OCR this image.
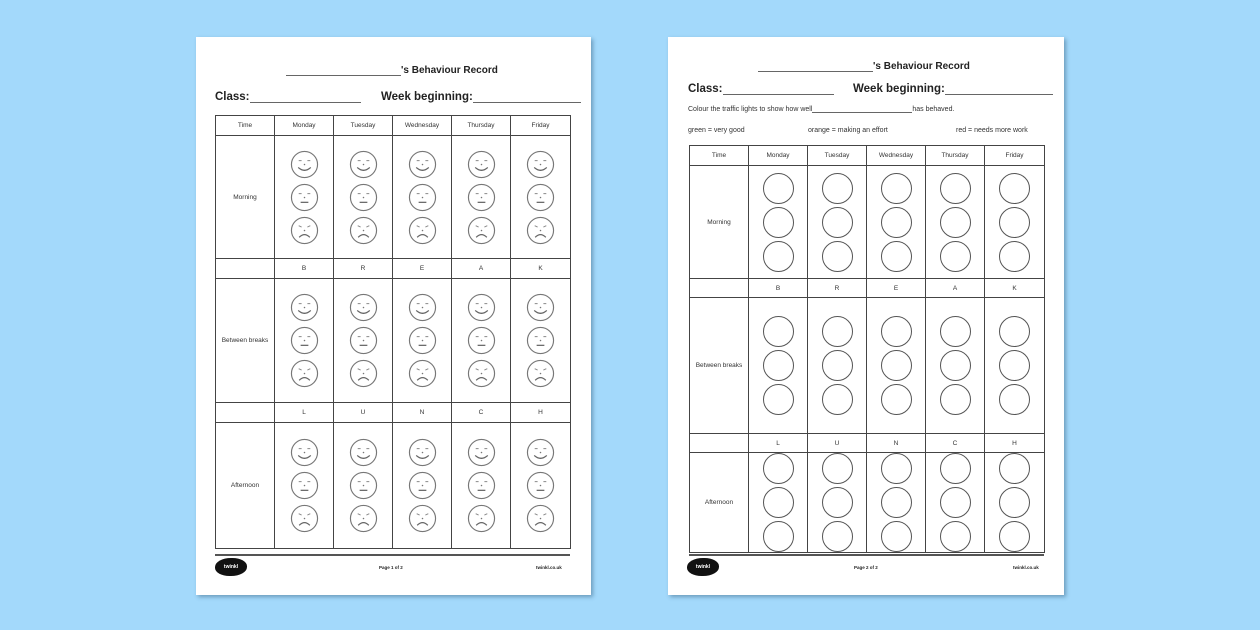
's Behaviour Record
Class:	Week beginning:
Time	Monday	Tuesday	Wednesday	Thursday	Friday
Morning	

	B	R	E	A	K
Between breaks	

	L	U	N	C	H
Afternoon	

twinkl	Page 1 of 2	twinkl.co.uk
's Behaviour Record
Class:	Week beginning:
Colour the traffic lights to show how well	has behaved.
green = very good	orange = making an effort	red = needs more work
Time	Monday	Tuesday	Wednesday	Thursday	Friday
Morning	

	B	R	E	A	K
Between breaks	

	L	U	N	C	H
Afternoon	

twinkl	Page 2 of 2	twinkl.co.uk
